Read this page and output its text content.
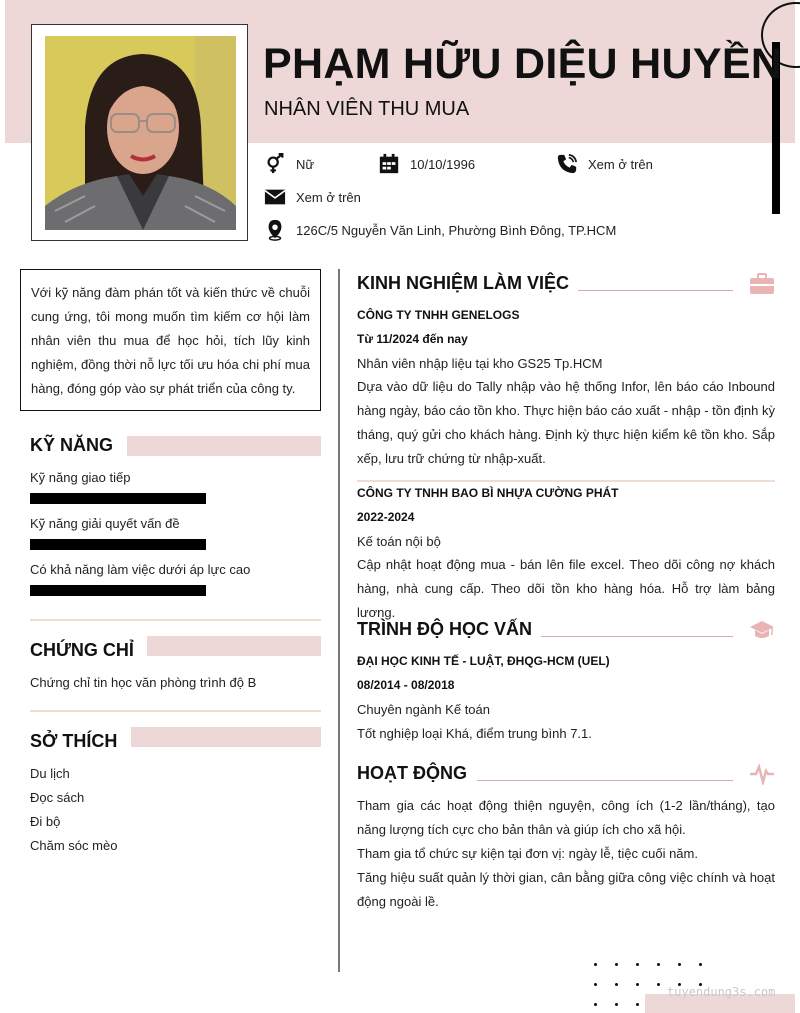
PHẠM HỮU DIỆU HUYỀN
NHÂN VIÊN THU MUA
Nữ	10/10/1996	Xem ở trên
Xem ở trên
126C/5 Nguyễn Văn Linh, Phường Bình Đông, TP.HCM
Với kỹ năng đàm phán tốt và kiến thức về chuỗi cung ứng, tôi mong muốn tìm kiếm cơ hội làm nhân viên thu mua để học hỏi, tích lũy kinh nghiệm, đồng thời nỗ lực tối ưu hóa chi phí mua hàng, đóng góp vào sự phát triển của công ty.
KỸ NĂNG
Kỹ năng giao tiếp
Kỹ năng giải quyết vấn đề
Có khả năng làm việc dưới áp lực cao
CHỨNG CHỈ
Chứng chỉ tin học văn phòng trình độ B
SỞ THÍCH
Du lịch
Đọc sách
Đi bộ
Chăm sóc mèo
KINH NGHIỆM LÀM VIỆC
CÔNG TY TNHH GENELOGS
Từ 11/2024 đến nay
Nhân viên nhập liệu tại kho GS25 Tp.HCM
Dựa vào dữ liệu do Tally nhập vào hệ thống Infor, lên báo cáo Inbound hàng ngày, báo cáo tồn kho. Thực hiện báo cáo xuất - nhập - tồn định kỳ tháng, quý gửi cho khách hàng. Định kỳ thực hiện kiểm kê tồn kho. Sắp xếp, lưu trữ chứng từ nhập-xuất.
CÔNG TY TNHH BAO BÌ NHỰA CƯỜNG PHÁT
2022-2024
Kế toán nội bộ
Cập nhật hoạt động mua - bán lên file excel. Theo dõi công nợ khách hàng, nhà cung cấp. Theo dõi tồn kho hàng hóa. Hỗ trợ làm bảng lương.
TRÌNH ĐỘ HỌC VẤN
ĐẠI HỌC KINH TẾ - LUẬT, ĐHQG-HCM (UEL)
08/2014 - 08/2018
Chuyên ngành Kế toán
Tốt nghiệp loại Khá, điểm trung bình 7.1.
HOẠT ĐỘNG
Tham gia các hoạt động thiện nguyện, công ích (1-2 lần/tháng), tạo năng lượng tích cực cho bản thân và giúp ích cho xã hội.
Tham gia tổ chức sự kiện tại đơn vị: ngày lễ, tiệc cuối năm.
Tăng hiệu suất quản lý thời gian, cân bằng giữa công việc chính và hoạt động ngoài lề.
tuyendung3s.com
